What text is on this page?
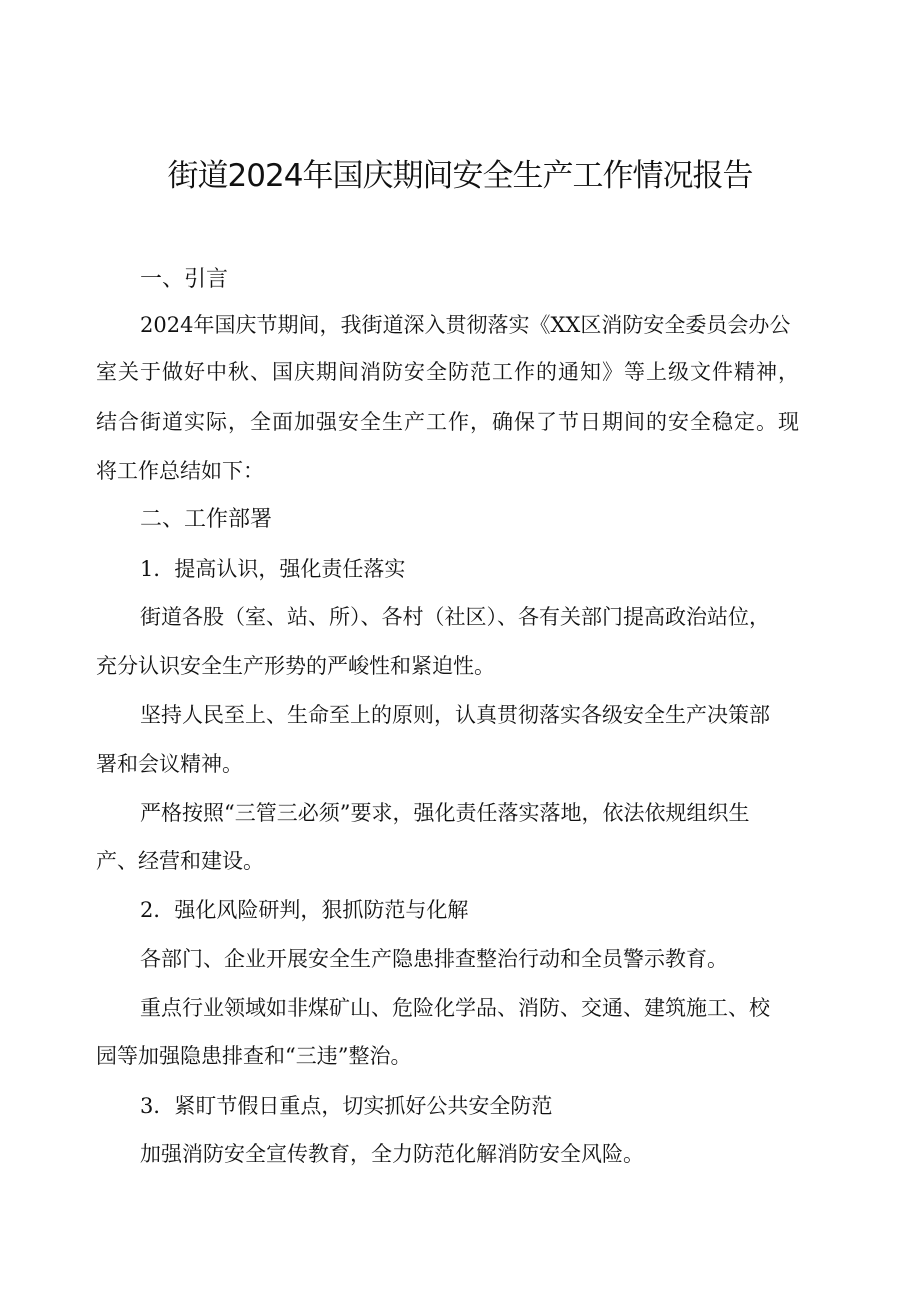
街道2024年国庆期间安全生产工作情况报告
一、引言

2024年国庆节期间，我街道深入贯彻落实《XX区消防安全委员会办公

室关于做好中秋、国庆期间消防安全防范工作的通知》等上级文件精神，

结合街道实际，全面加强安全生产工作，确保了节日期间的安全稳定。现

将工作总结如下：

二、工作部署

1．提高认识，强化责任落实

街道各股（室、站、所）、各村（社区）、各有关部门提高政治站位，

充分认识安全生产形势的严峻性和紧迫性。

坚持人民至上、生命至上的原则，认真贯彻落实各级安全生产决策部

署和会议精神。

严格按照“三管三必须”要求，强化责任落实落地，依法依规组织生

产、经营和建设。

2．强化风险研判，狠抓防范与化解

各部门、企业开展安全生产隐患排查整治行动和全员警示教育。

重点行业领域如非煤矿山、危险化学品、消防、交通、建筑施工、校

园等加强隐患排查和“三违”整治。

3．紧盯节假日重点，切实抓好公共安全防范

加强消防安全宣传教育，全力防范化解消防安全风险。
